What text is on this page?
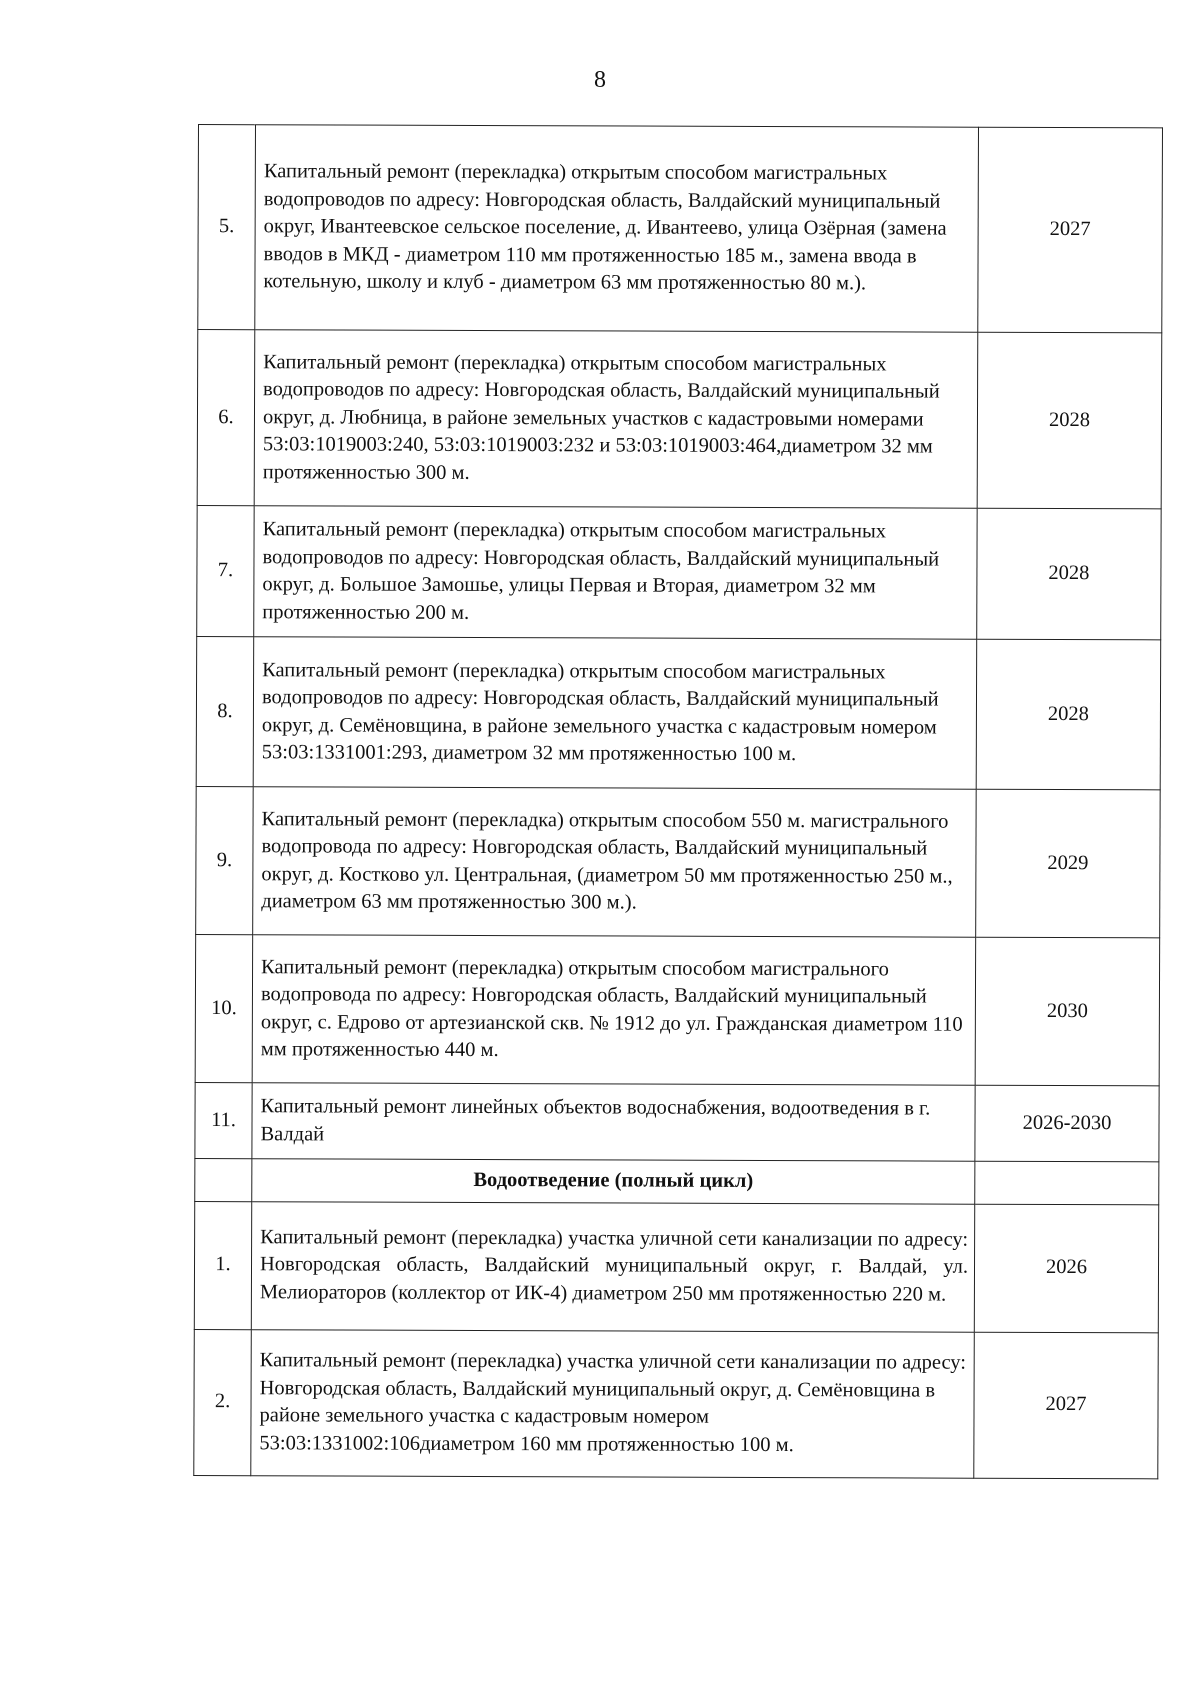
8
5.	Капитальный ремонт (перекладка) открытым способом магистральных водопроводов по адресу: Новгородская область, Валдайский муниципальный округ, Ивантеевское сельское поселение, д. Ивантеево, улица Озёрная (замена вводов в МКД - диаметром 110 мм протяженностью 185 м., замена ввода в котельную, школу и клуб - диаметром 63 мм протяженностью 80 м.).	2027
6.	Капитальный ремонт (перекладка) открытым способом магистральных водопроводов по адресу: Новгородская область, Валдайский муниципальный округ, д. Любница, в районе земельных участков с кадастровыми номерами 53:03:1019003:240, 53:03:1019003:232 и 53:03:1019003:464,диаметром 32 мм протяженностью 300 м.	2028
7.	Капитальный ремонт (перекладка) открытым способом магистральных водопроводов по адресу: Новгородская область, Валдайский муниципальный округ, д. Большое Замошье, улицы Первая и Вторая, диаметром 32 мм протяженностью 200 м.	2028
8.	Капитальный ремонт (перекладка) открытым способом магистральных водопроводов по адресу: Новгородская область, Валдайский муниципальный округ, д. Семёновщина, в районе земельного участка с кадастровым номером 53:03:1331001:293, диаметром 32 мм протяженностью 100 м.	2028
9.	Капитальный ремонт (перекладка) открытым способом 550 м. магистрального водопровода по адресу: Новгородская область, Валдайский муниципальный округ, д. Костково ул. Центральная, (диаметром 50 мм протяженностью 250 м., диаметром 63 мм протяженностью 300 м.).	2029
10.	Капитальный ремонт (перекладка) открытым способом магистрального водопровода по адресу: Новгородская область, Валдайский муниципальный округ, с. Едрово от артезианской скв. № 1912 до ул. Гражданская диаметром 110 мм протяженностью 440 м.	2030
11.	Капитальный ремонт линейных объектов водоснабжения, водоотведения в г. Валдай	2026-2030
	Водоотведение (полный цикл)	
1.	Капитальный ремонт (перекладка) участка уличной сети канализации по адресу: Новгородская область, Валдайский муниципальный округ, г. Валдай, ул. Мелиораторов (коллектор от ИК-4) диаметром 250 мм протяженностью 220 м.	2026
2.	Капитальный ремонт (перекладка) участка уличной сети канализации по адресу: Новгородская область, Валдайский муниципальный округ, д. Семёновщина в районе земельного участка с кадастровым номером 53:03:1331002:106диаметром 160 мм протяженностью 100 м.	2027
